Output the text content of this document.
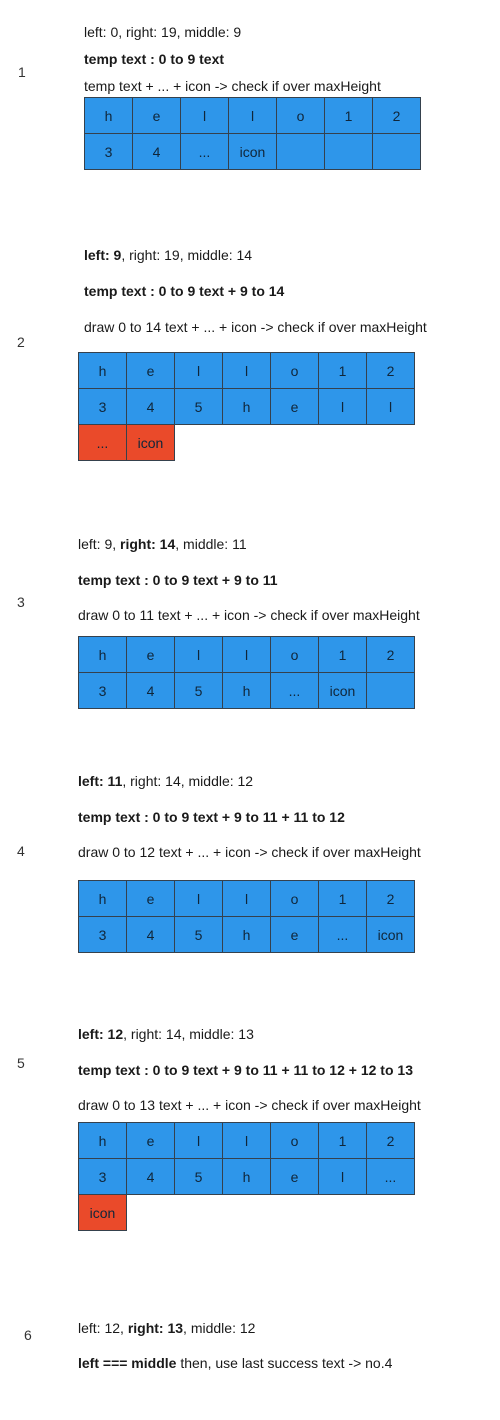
1
left: 0, right: 19, middle: 9
temp text : 0 to 9 text
temp text + ... + icon -> check if over maxHeight
h	e	l	l	o	1	2
3	4	...	icon
2
left: 9, right: 19, middle: 14
temp text : 0 to 9 text + 9 to 14
draw 0 to 14 text + ... + icon -> check if over maxHeight
h	e	l	l	o	1	2
3	4	5	h	e	l	l
...	icon
3
left: 9, right: 14, middle: 11
temp text : 0 to 9 text + 9 to 11
draw 0 to 11 text + ... + icon -> check if over maxHeight
h	e	l	l	o	1	2
3	4	5	h	...	icon
4
left: 11, right: 14, middle: 12
temp text : 0 to 9 text + 9 to 11 + 11 to 12
draw 0 to 12 text + ... + icon -> check if over maxHeight
h	e	l	l	o	1	2
3	4	5	h	e	...	icon
5
left: 12, right: 14, middle: 13
temp text : 0 to 9 text + 9 to 11 + 11 to 12 + 12 to 13
draw 0 to 13 text + ... + icon -> check if over maxHeight
h	e	l	l	o	1	2
3	4	5	h	e	l	...
icon
6	left: 12, right: 13, middle: 12
left === middle then, use last success text -> no.4
